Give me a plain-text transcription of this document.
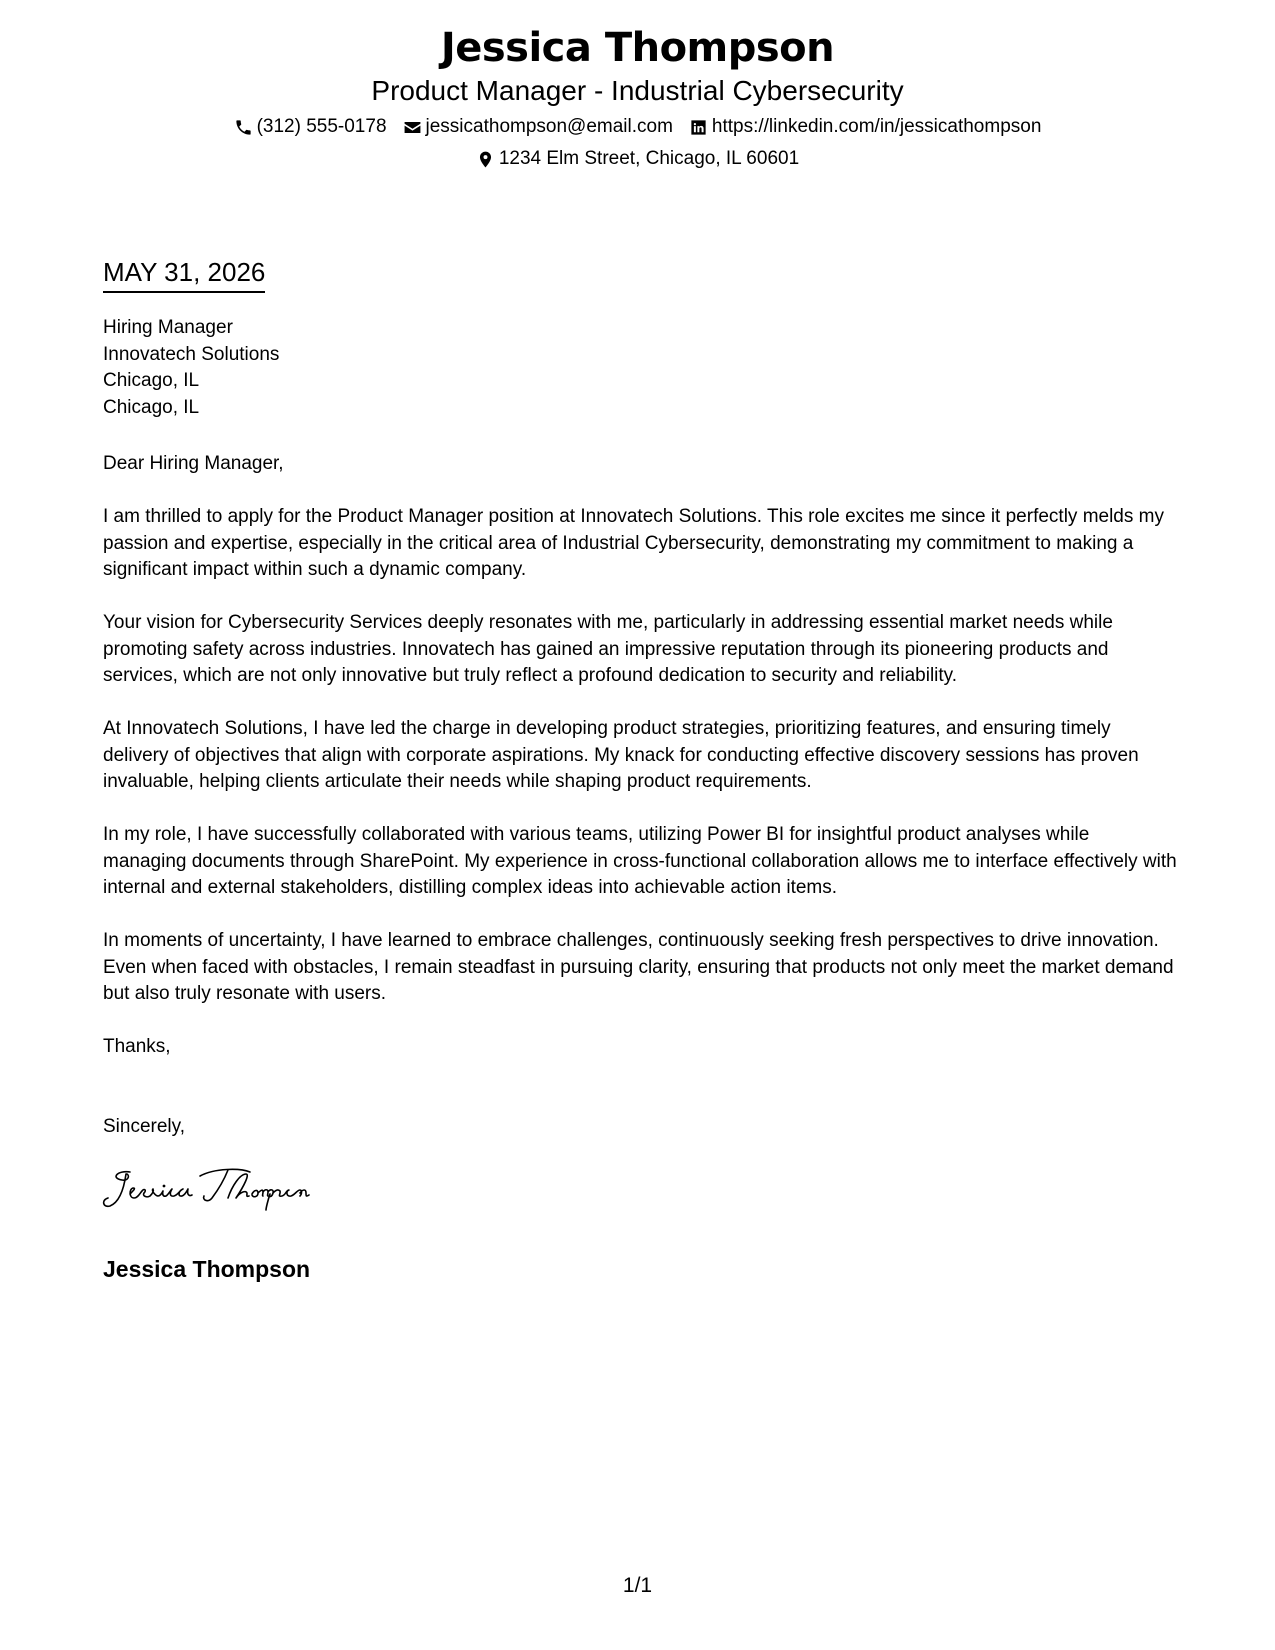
Jessica Thompson
Product Manager - Industrial Cybersecurity
(312) 555-0178 jessicathompson@email.com https://linkedin.com/in/jessicathompson
1234 Elm Street, Chicago, IL 60601
MAY 31, 2026
Hiring Manager
Innovatech Solutions
Chicago, IL
Chicago, IL

Dear Hiring Manager,

I am thrilled to apply for the Product Manager position at Innovatech Solutions. This role excites me since it perfectly melds my passion and expertise, especially in the critical area of Industrial Cybersecurity, demonstrating my commitment to making a significant impact within such a dynamic company.

Your vision for Cybersecurity Services deeply resonates with me, particularly in addressing essential market needs while promoting safety across industries. Innovatech has gained an impressive reputation through its pioneering products and services, which are not only innovative but truly reflect a profound dedication to security and reliability.

At Innovatech Solutions, I have led the charge in developing product strategies, prioritizing features, and ensuring timely delivery of objectives that align with corporate aspirations. My knack for conducting effective discovery sessions has proven invaluable, helping clients articulate their needs while shaping product requirements.

In my role, I have successfully collaborated with various teams, utilizing Power BI for insightful product analyses while managing documents through SharePoint. My experience in cross-functional collaboration allows me to interface effectively with internal and external stakeholders, distilling complex ideas into achievable action items.

In moments of uncertainty, I have learned to embrace challenges, continuously seeking fresh perspectives to drive innovation. Even when faced with obstacles, I remain steadfast in pursuing clarity, ensuring that products not only meet the market demand but also truly resonate with users.

Thanks,
Sincerely,
Jessica Thompson
1/1
